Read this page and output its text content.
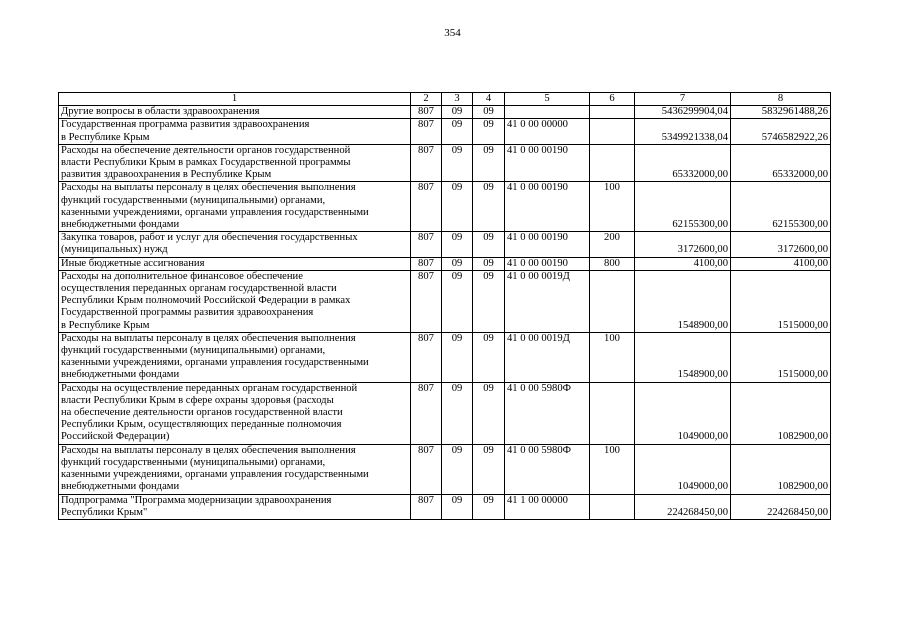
354
1	2	3	4	5	6	7	8
Другие вопросы в области здравоохранения	807	09	09			5436299904,04	5832961488,26
Государственная программа развития здравоохранения
в Республике Крым	807	09	09	41 0 00 00000		5349921338,04	5746582922,26
Расходы на обеспечение деятельности органов государственной
власти Республики Крым в рамках Государственной программы
развития здравоохранения в Республике Крым	807	09	09	41 0 00 00190		65332000,00	65332000,00
Расходы на выплаты персоналу в целях обеспечения выполнения
функций государственными (муниципальными) органами,
казенными учреждениями, органами управления государственными
внебюджетными фондами	807	09	09	41 0 00 00190	100	62155300,00	62155300,00
Закупка товаров, работ и услуг для обеспечения государственных
(муниципальных) нужд	807	09	09	41 0 00 00190	200	3172600,00	3172600,00
Иные бюджетные ассигнования	807	09	09	41 0 00 00190	800	4100,00	4100,00
Расходы на дополнительное финансовое обеспечение
осуществления переданных органам государственной власти
Республики Крым полномочий Российской Федерации в рамках
Государственной программы развития здравоохранения
в Республике Крым	807	09	09	41 0 00 0019Д		1548900,00	1515000,00
Расходы на выплаты персоналу в целях обеспечения выполнения
функций государственными (муниципальными) органами,
казенными учреждениями, органами управления государственными
внебюджетными фондами	807	09	09	41 0 00 0019Д	100	1548900,00	1515000,00
Расходы на осуществление переданных органам государственной
власти Республики Крым в сфере охраны здоровья (расходы
на обеспечение деятельности органов государственной власти
Республики Крым, осуществляющих переданные полномочия
Российской Федерации)	807	09	09	41 0 00 5980Ф		1049000,00	1082900,00
Расходы на выплаты персоналу в целях обеспечения выполнения
функций государственными (муниципальными) органами,
казенными учреждениями, органами управления государственными
внебюджетными фондами	807	09	09	41 0 00 5980Ф	100	1049000,00	1082900,00
Подпрограмма "Программа модернизации здравоохранения
Республики Крым"	807	09	09	41 1 00 00000		224268450,00	224268450,00
